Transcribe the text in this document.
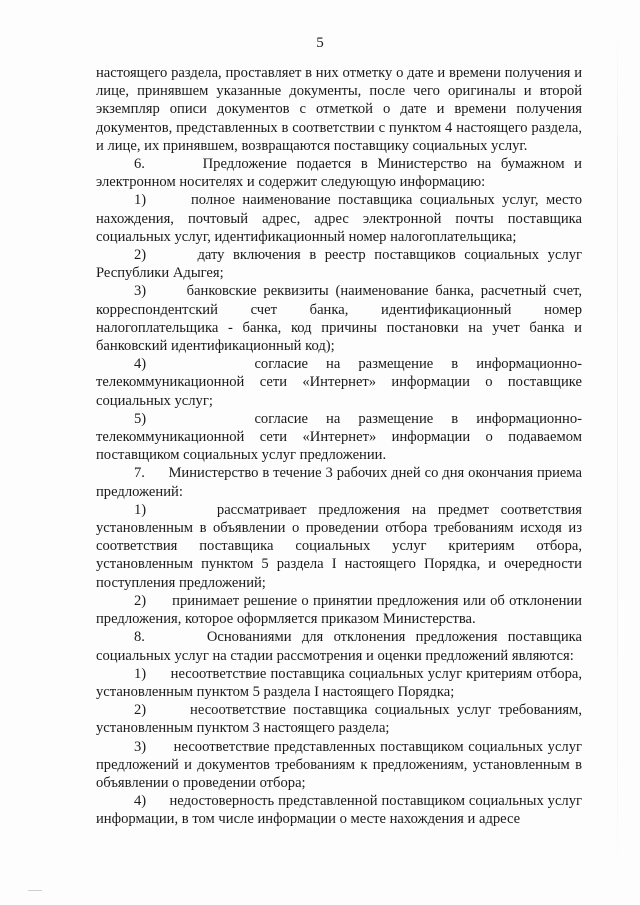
5

настоящего раздела, проставляет в них отметку о дате и времени получения и лице, принявшем указанные документы, после чего оригиналы и второй экземпляр описи документов с отметкой о дате и времени получения документов, представленных в соответствии с пунктом 4 настоящего раздела, и лице, их принявшем, возвращаются поставщику социальных услуг.

6.      Предложение подается в Министерство на бумажном и электронном носителях и содержит следующую информацию:

1)      полное наименование поставщика социальных услуг, место нахождения, почтовый адрес, адрес электронной почты поставщика социальных услуг, идентификационный номер налогоплательщика;

2)      дату включения в реестр поставщиков социальных услуг Республики Адыгея;

3)      банковские реквизиты (наименование банка, расчетный счет, корреспондентский счет банка, идентификационный номер налогоплательщика - банка, код причины постановки на учет банка и банковский идентификационный код);

4)      согласие на размещение в информационно-телекоммуникационной сети «Интернет» информации о поставщике социальных услуг;

5)      согласие на размещение в информационно-телекоммуникационной сети «Интернет» информации о подаваемом поставщиком социальных услуг предложении.

7.      Министерство в течение 3 рабочих дней со дня окончания приема предложений:

1)      рассматривает предложения на предмет соответствия установленным в объявлении о проведении отбора требованиям исходя из соответствия поставщика социальных услуг критериям отбора, установленным пунктом 5 раздела I настоящего Порядка, и очередности поступления предложений;

2)      принимает решение о принятии предложения или об отклонении предложения, которое оформляется приказом Министерства.

8.      Основаниями для отклонения предложения поставщика социальных услуг на стадии рассмотрения и оценки предложений являются:

1)      несоответствие поставщика социальных услуг критериям отбора, установленным пунктом 5 раздела I настоящего Порядка;

2)      несоответствие поставщика социальных услуг требованиям, установленным пунктом 3 настоящего раздела;

3)      несоответствие представленных поставщиком социальных услуг предложений и документов требованиям к предложениям, установленным в объявлении о проведении отбора;

4)      недостоверность представленной поставщиком социальных услуг информации, в том числе информации о месте нахождения и адресе
